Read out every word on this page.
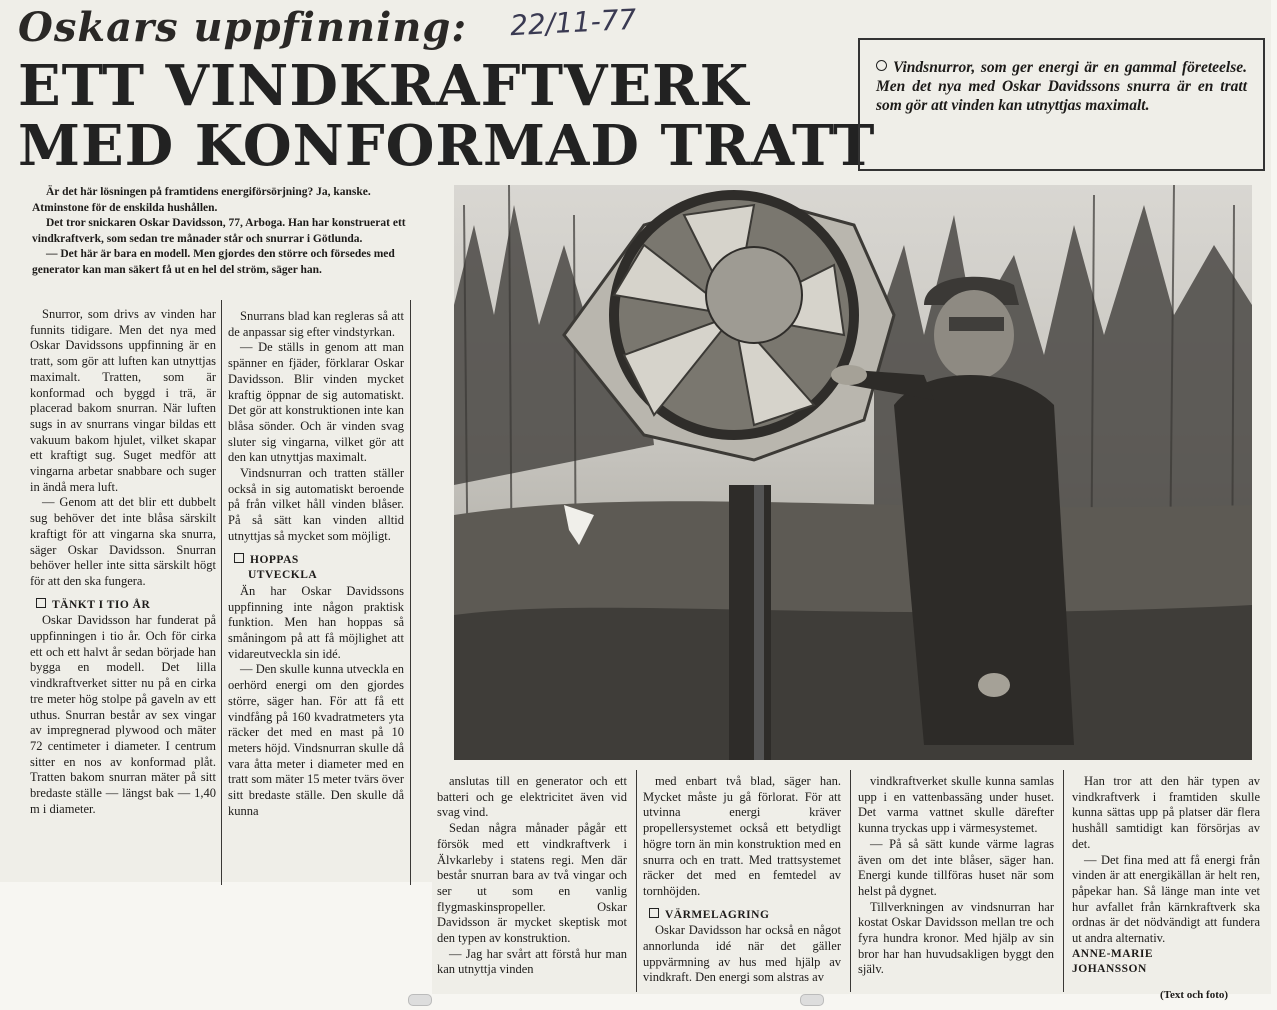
Oskars uppfinning: 22/11-77
ETT VINDKRAFTVERK
MED KONFORMAD TRATT
Vindsnurror, som ger energi är en gammal företeelse. Men det nya med Oskar Davidssons snurra är en tratt som gör att vinden kan utnyttjas maximalt.

Är det här lösningen på framtidens energiförsörjning? Ja, kanske. Atminstone för de enskilda hushållen.

Det tror snickaren Oskar Davidsson, 77, Arboga. Han har konstruerat ett vindkraftverk, som sedan tre månader står och snurrar i Götlunda.

— Det här är bara en modell. Men gjordes den större och försedes med generator kan man säkert få ut en hel del ström, säger han.

Snurror, som drivs av vinden har funnits tidigare. Men det nya med Oskar Davidssons uppfinning är en tratt, som gör att luften kan utnyttjas maximalt. Tratten, som är konformad och byggd i trä, är placerad bakom snurran. När luften sugs in av snurrans vingar bildas ett vakuum bakom hjulet, vilket skapar ett kraftigt sug. Suget medför att vingarna arbetar snabbare och suger in ändå mera luft.

— Genom att det blir ett dubbelt sug behöver det inte blåsa särskilt kraftigt för att vingarna ska snurra, säger Oskar Davidsson. Snurran behöver heller inte sitta särskilt högt för att den ska fungera.

TÄNKT I TIO ÅR

Oskar Davidsson har funderat på uppfinningen i tio år. Och för cirka ett och ett halvt år sedan började han bygga en modell. Det lilla vindkraftverket sitter nu på en cirka tre meter hög stolpe på gaveln av ett uthus. Snurran består av sex vingar av impregnerad plywood och mäter 72 centimeter i diameter. I centrum sitter en nos av konformad plåt. Tratten bakom snurran mäter på sitt bredaste ställe — längst bak — 1,40 m i diameter.

Snurrans blad kan regleras så att de anpassar sig efter vindstyrkan.

— De ställs in genom att man spänner en fjäder, förklarar Oskar Davidsson. Blir vinden mycket kraftig öppnar de sig automatiskt. Det gör att konstruktionen inte kan blåsa sönder. Och är vinden svag sluter sig vingarna, vilket gör att den kan utnyttjas maximalt.

Vindsnurran och tratten ställer också in sig automatiskt beroende på från vilket håll vinden blåser. På så sätt kan vinden alltid utnyttjas så mycket som möjligt.

HOPPAS
UTVECKLA

Än har Oskar Davidssons uppfinning inte någon praktisk funktion. Men han hoppas så småningom på att få möjlighet att vidareutveckla sin idé.

— Den skulle kunna utveckla en oerhörd energi om den gjordes större, säger han. För att få ett vindfång på 160 kvadratmeters yta räcker det med en mast på 10 meters höjd. Vindsnurran skulle då vara åtta meter i diameter med en tratt som mäter 15 meter tvärs över sitt bredaste ställe. Den skulle då kunna

anslutas till en generator och ett batteri och ge elektricitet även vid svag vind.

Sedan några månader pågår ett försök med ett vindkraftverk i Älvkarleby i statens regi. Men där består snurran bara av två vingar och ser ut som en vanlig flygmaskinspropeller. Oskar Davidsson är mycket skeptisk mot den typen av konstruktion.

— Jag har svårt att förstå hur man kan utnyttja vinden

med enbart två blad, säger han. Mycket måste ju gå förlorat. För att utvinna energi kräver propellersystemet också ett betydligt högre torn än min konstruktion med en snurra och en tratt. Med trattsystemet räcker det med en femtedel av tornhöjden.

VÄRMELAGRING

Oskar Davidsson har också en något annorlunda idé när det gäller uppvärmning av hus med hjälp av vindkraft. Den energi som alstras av

vindkraftverket skulle kunna samlas upp i en vattenbassäng under huset. Det varma vattnet skulle därefter kunna tryckas upp i värmesystemet.

— På så sätt kunde värme lagras även om det inte blåser, säger han. Energi kunde tillföras huset när som helst på dygnet.

Tillverkningen av vindsnurran har kostat Oskar Davidsson mellan tre och fyra hundra kronor. Med hjälp av sin bror har han huvudsakligen byggt den själv.

Han tror att den här typen av vindkraftverk i framtiden skulle kunna sättas upp på platser där flera hushåll samtidigt kan försörjas av det.

— Det fina med att få energi från vinden är att energikällan är helt ren, påpekar han. Så länge man inte vet hur avfallet från kärnkraftverk ska ordnas är det nödvändigt att fundera ut andra alternativ.

ANNE-MARIE
JOHANSSON

(Text och foto)
